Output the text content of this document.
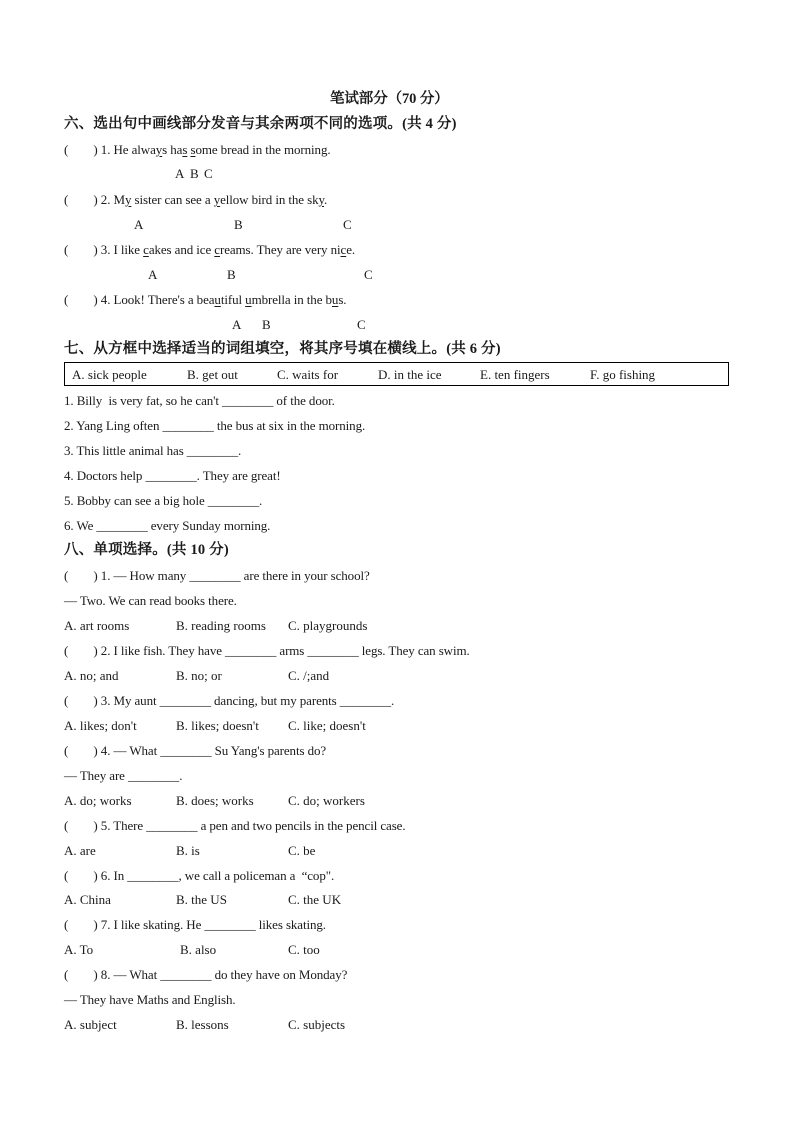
笔试部分（70 分）
六、选出句中画线部分发音与其余两项不同的选项。(共 4 分)
(        ) 1. He always has some bread in the morning.
A B C
(        ) 2. My sister can see a yellow bird in the sky.
A	B	C
(        ) 3. I like cakes and ice creams. They are very nice.
A	B	C
(        ) 4. Look! There's a beautiful umbrella in the bus.
A B	C
七、从方框中选择适当的词组填空，将其序号填在横线上。(共 6 分)
A. sick people	B. get out	C. waits for	D. in the ice	E. ten fingers	F. go fishing
1. Billy  is very fat, so he can't ________ of the door.
2. Yang Ling often ________ the bus at six in the morning.
3. This little animal has ________.
4. Doctors help ________. They are great!
5. Bobby can see a big hole ________.
6. We ________ every Sunday morning.
八、单项选择。(共 10 分)
(        ) 1. — How many ________ are there in your school?
— Two. We can read books there.
A. art rooms	B. reading rooms C. playgrounds
(        ) 2. I like fish. They have ________ arms ________ legs. They can swim.
A. no; and	B. no; or	C. /;and
(        ) 3. My aunt ________ dancing, but my parents ________.
A. likes; don't	B. likes; doesn't C. like; doesn't
(        ) 4. — What ________ Su Yang's parents do?
— They are ________.
A. do; works	B. does; works	C. do; workers
(        ) 5. There ________ a pen and two pencils in the pencil case.
A. are	B. is	C. be
(        ) 6. In ________, we call a policeman a  “cop".
A. China	B. the US	C. the UK
(        ) 7. I like skating. He ________ likes skating.
A. To	B. also	C. too
(        ) 8. — What ________ do they have on Monday?
— They have Maths and English.
A. subject	B. lessons	C. subjects
